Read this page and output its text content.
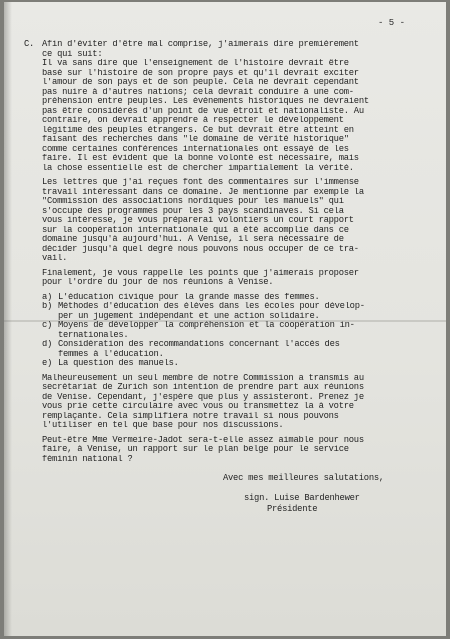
- 5 -
C. Afin d'éviter d'être mal comprise, j'aimerais dire premièrement
ce qui suit:
Il va sans dire que l'enseignement de l'histoire devrait être
basé sur l'histoire de son propre pays et qu'il devrait exciter
l'amour de son pays et de son peuple. Cela ne devrait cependant
pas nuire à d'autres nations; cela devrait conduire à une com-
préhension entre peuples. Les événements historiques ne devraient
pas être considérés d'un point de vue étroit et nationaliste. Au
contraire, on devrait apprendre à respecter le développement
légitime des peuples étrangers. Ce but devrait être atteint en
faisant des recherches dans "le domaine de vérité historique"
comme certaines conférences internationales ont essayé de les
faire. Il est évident que la bonne volonté est nécessaire, mais
la chose essentielle est de chercher impartialement la vérité.
Les lettres que j'ai reçues font des commentaires sur l'immense
travail intéressant dans ce domaine. Je mentionne par exemple la
"Commission des associations nordiques pour les manuels" qui
s'occupe des programmes pour les 3 pays scandinaves. Si cela
vous intéresse, je vous préparerai volontiers un court rapport
sur la coopération internationale qui a été accomplie dans ce
domaine jusqu'à aujourd'hui. A Venise, il sera nécessaire de
décider jusqu'à quel degré nous pouvons nous occuper de ce tra-
vail.
Finalement, je vous rappelle les points que j'aimerais proposer
pour l'ordre du jour de nos réunions à Venise.
a) L'éducation civique pour la grande masse des femmes.
b) Méthodes d'éducation des élèves dans les écoles pour dévelop-
per un jugement indépendant et une action solidaire.
c) Moyens de développer la compréhension et la coopération in-
ternationales.
d) Considération des recommandations concernant l'accès des
femmes à l'éducation.
e) La question des manuels.
Malheureusement un seul membre de notre Commission a transmis au
secrétariat de Zurich son intention de prendre part aux réunions
de Venise. Cependant, j'espère que plus y assisteront. Prenez je
vous prie cette circulaire avec vous ou transmettez la à votre
remplaçante. Cela simplifiera notre travail si nous pouvons
l'utiliser en tel que base pour nos discussions.
Peut-être Mme Vermeire-Jadot sera-t-elle assez aimable pour nous
faire, à Venise, un rapport sur le plan belge pour le service
féminin national ?
Avec mes meilleures salutations,
sign. Luise Bardenhewer
Présidente
